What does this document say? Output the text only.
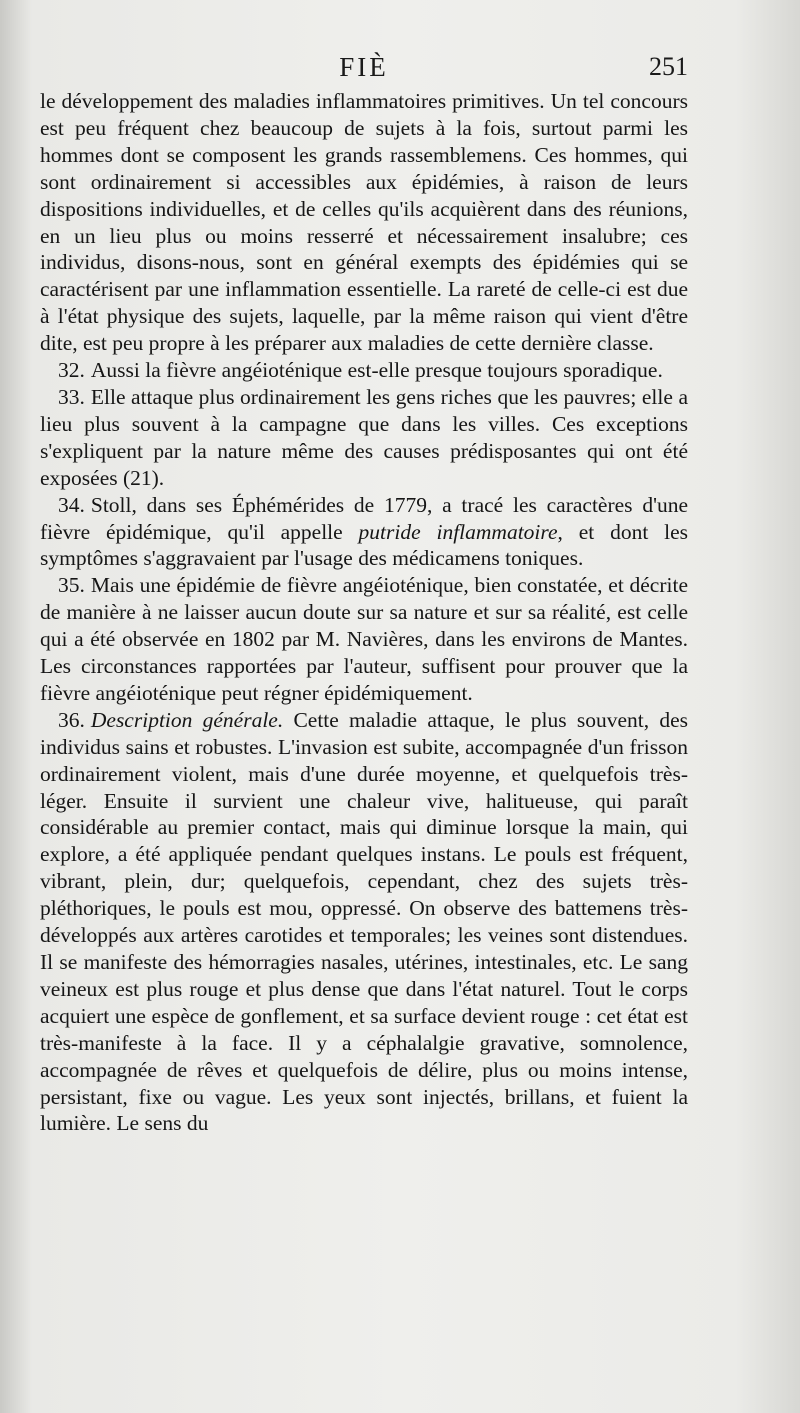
FIÈ	251

le développement des maladies inflammatoires primitives. Un tel concours est peu fréquent chez beaucoup de sujets à la fois, surtout parmi les hommes dont se composent les grands rassemblemens. Ces hommes, qui sont ordinairement si accessibles aux épidémies, à raison de leurs dispositions individuelles, et de celles qu'ils acquièrent dans des réunions, en un lieu plus ou moins resserré et nécessairement insalubre; ces individus, disons-nous, sont en général exempts des épidémies qui se caractérisent par une inflammation essentielle. La rareté de celle-ci est due à l'état physique des sujets, laquelle, par la même raison qui vient d'être dite, est peu propre à les préparer aux maladies de cette dernière classe.

32. Aussi la fièvre angéioténique est-elle presque toujours sporadique.

33. Elle attaque plus ordinairement les gens riches que les pauvres; elle a lieu plus souvent à la campagne que dans les villes. Ces exceptions s'expliquent par la nature même des causes prédisposantes qui ont été exposées (21).

34. Stoll, dans ses Éphémérides de 1779, a tracé les caractères d'une fièvre épidémique, qu'il appelle putride inflammatoire, et dont les symptômes s'aggravaient par l'usage des médicamens toniques.

35. Mais une épidémie de fièvre angéioténique, bien constatée, et décrite de manière à ne laisser aucun doute sur sa nature et sur sa réalité, est celle qui a été observée en 1802 par M. Navières, dans les environs de Mantes. Les circonstances rapportées par l'auteur, suffisent pour prouver que la fièvre angéioténique peut régner épidémiquement.

36. Description générale. Cette maladie attaque, le plus souvent, des individus sains et robustes. L'invasion est subite, accompagnée d'un frisson ordinairement violent, mais d'une durée moyenne, et quelquefois très-léger. Ensuite il survient une chaleur vive, halitueuse, qui paraît considérable au premier contact, mais qui diminue lorsque la main, qui explore, a été appliquée pendant quelques instans. Le pouls est fréquent, vibrant, plein, dur; quelquefois, cependant, chez des sujets très-pléthoriques, le pouls est mou, oppressé. On observe des battemens très-développés aux artères carotides et temporales; les veines sont distendues. Il se manifeste des hémorragies nasales, utérines, intestinales, etc. Le sang veineux est plus rouge et plus dense que dans l'état naturel. Tout le corps acquiert une espèce de gonflement, et sa surface devient rouge : cet état est très-manifeste à la face. Il y a céphalalgie gravative, somnolence, accompagnée de rêves et quelquefois de délire, plus ou moins intense, persistant, fixe ou vague. Les yeux sont injectés, brillans, et fuient la lumière. Le sens du
